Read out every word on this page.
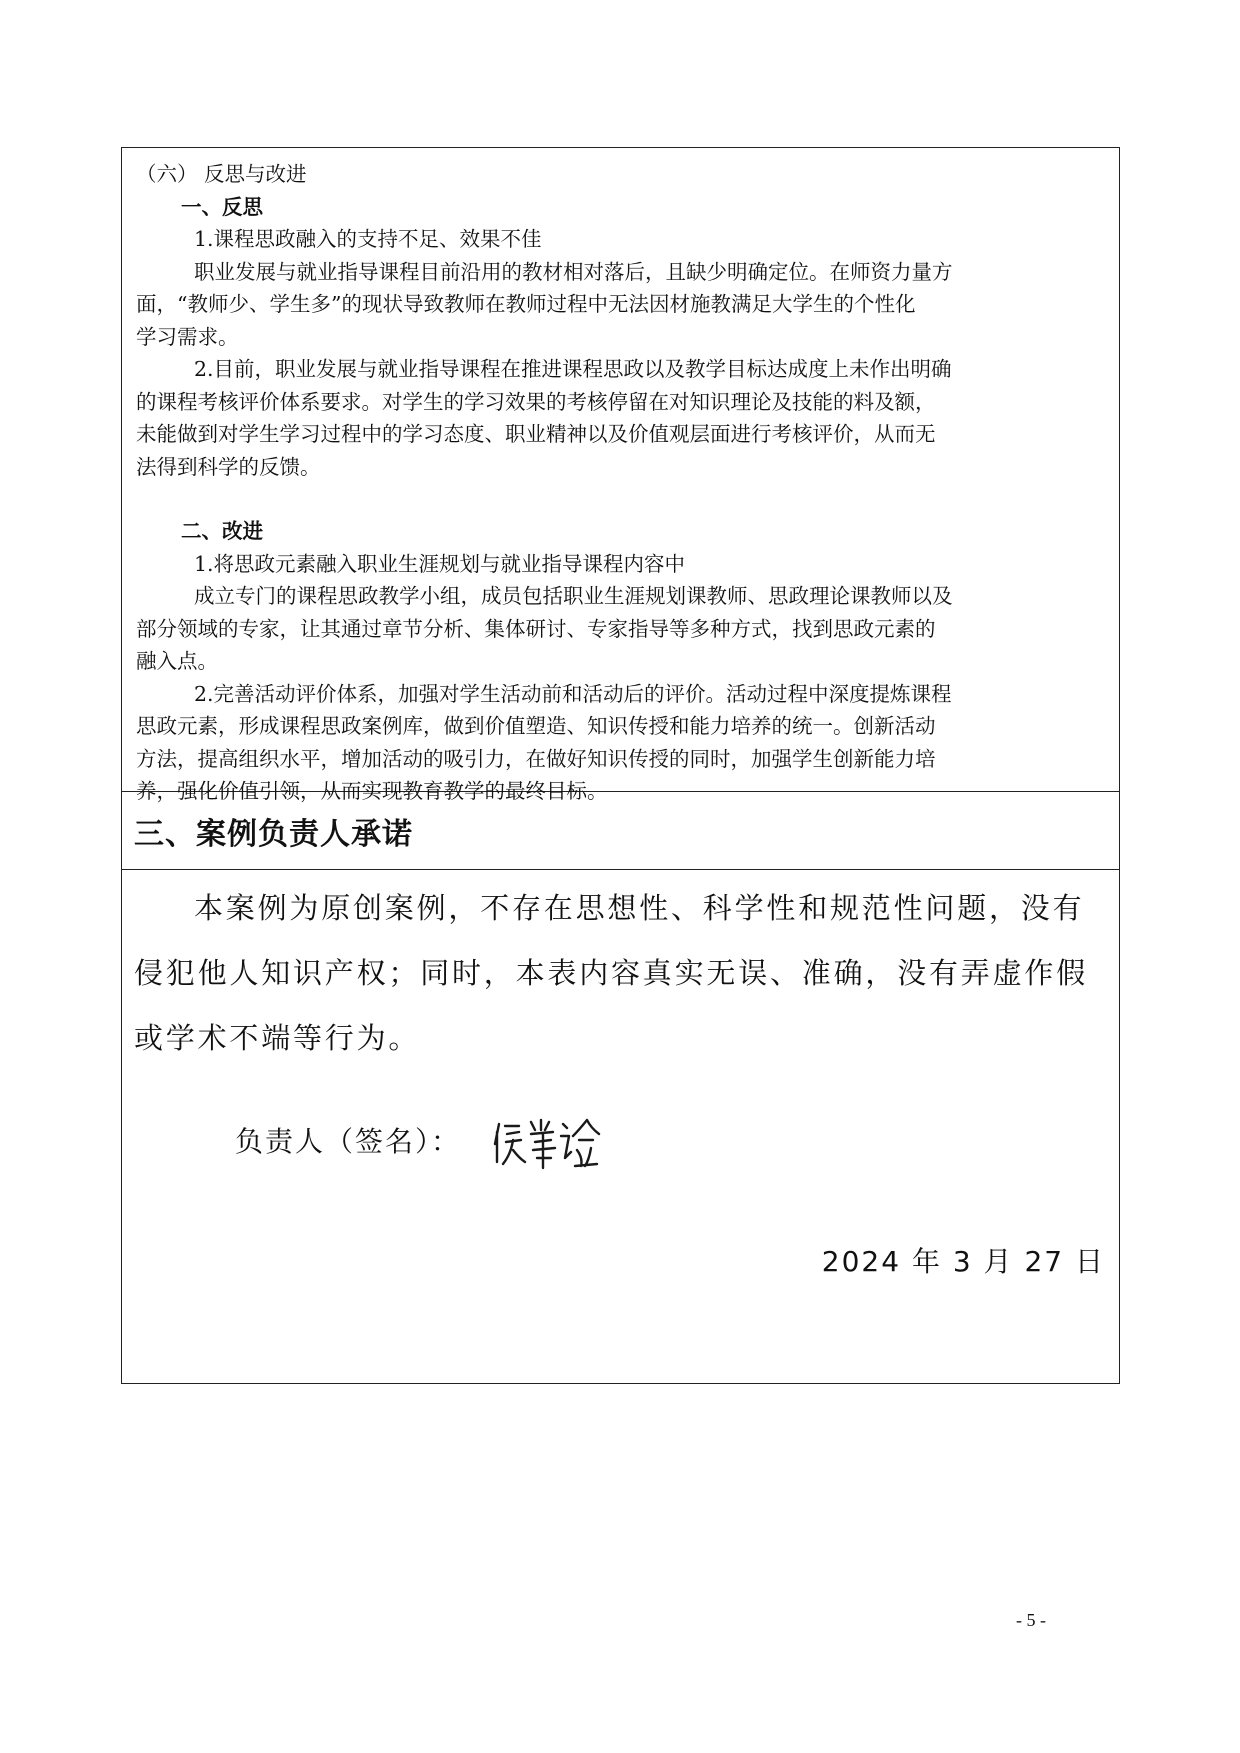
（六） 反思与改进

一、反思

1.课程思政融入的支持不足、效果不佳

职业发展与就业指导课程目前沿用的教材相对落后，且缺少明确定位。在师资力量方

面，“教师少、学生多”的现状导致教师在教师过程中无法因材施教满足大学生的个性化

学习需求。

2.目前，职业发展与就业指导课程在推进课程思政以及教学目标达成度上未作出明确

的课程考核评价体系要求。对学生的学习效果的考核停留在对知识理论及技能的料及额，

未能做到对学生学习过程中的学习态度、职业精神以及价值观层面进行考核评价，从而无

法得到科学的反馈。

二、改进

1.将思政元素融入职业生涯规划与就业指导课程内容中

成立专门的课程思政教学小组，成员包括职业生涯规划课教师、思政理论课教师以及

部分领域的专家，让其通过章节分析、集体研讨、专家指导等多种方式，找到思政元素的

融入点。

2.完善活动评价体系，加强对学生活动前和活动后的评价。活动过程中深度提炼课程

思政元素，形成课程思政案例库，做到价值塑造、知识传授和能力培养的统一。创新活动

方法，提高组织水平，增加活动的吸引力，在做好知识传授的同时，加强学生创新能力培

养，强化价值引领，从而实现教育教学的最终目标。

三、案例负责人承诺

本案例为原创案例，不存在思想性、科学性和规范性问题，没有侵犯他人知识产权；同时，本表内容真实无误、准确，没有弄虚作假或学术不端等行为。

负责人（签名）：
2024 年 3 月 27 日
- 5 -
